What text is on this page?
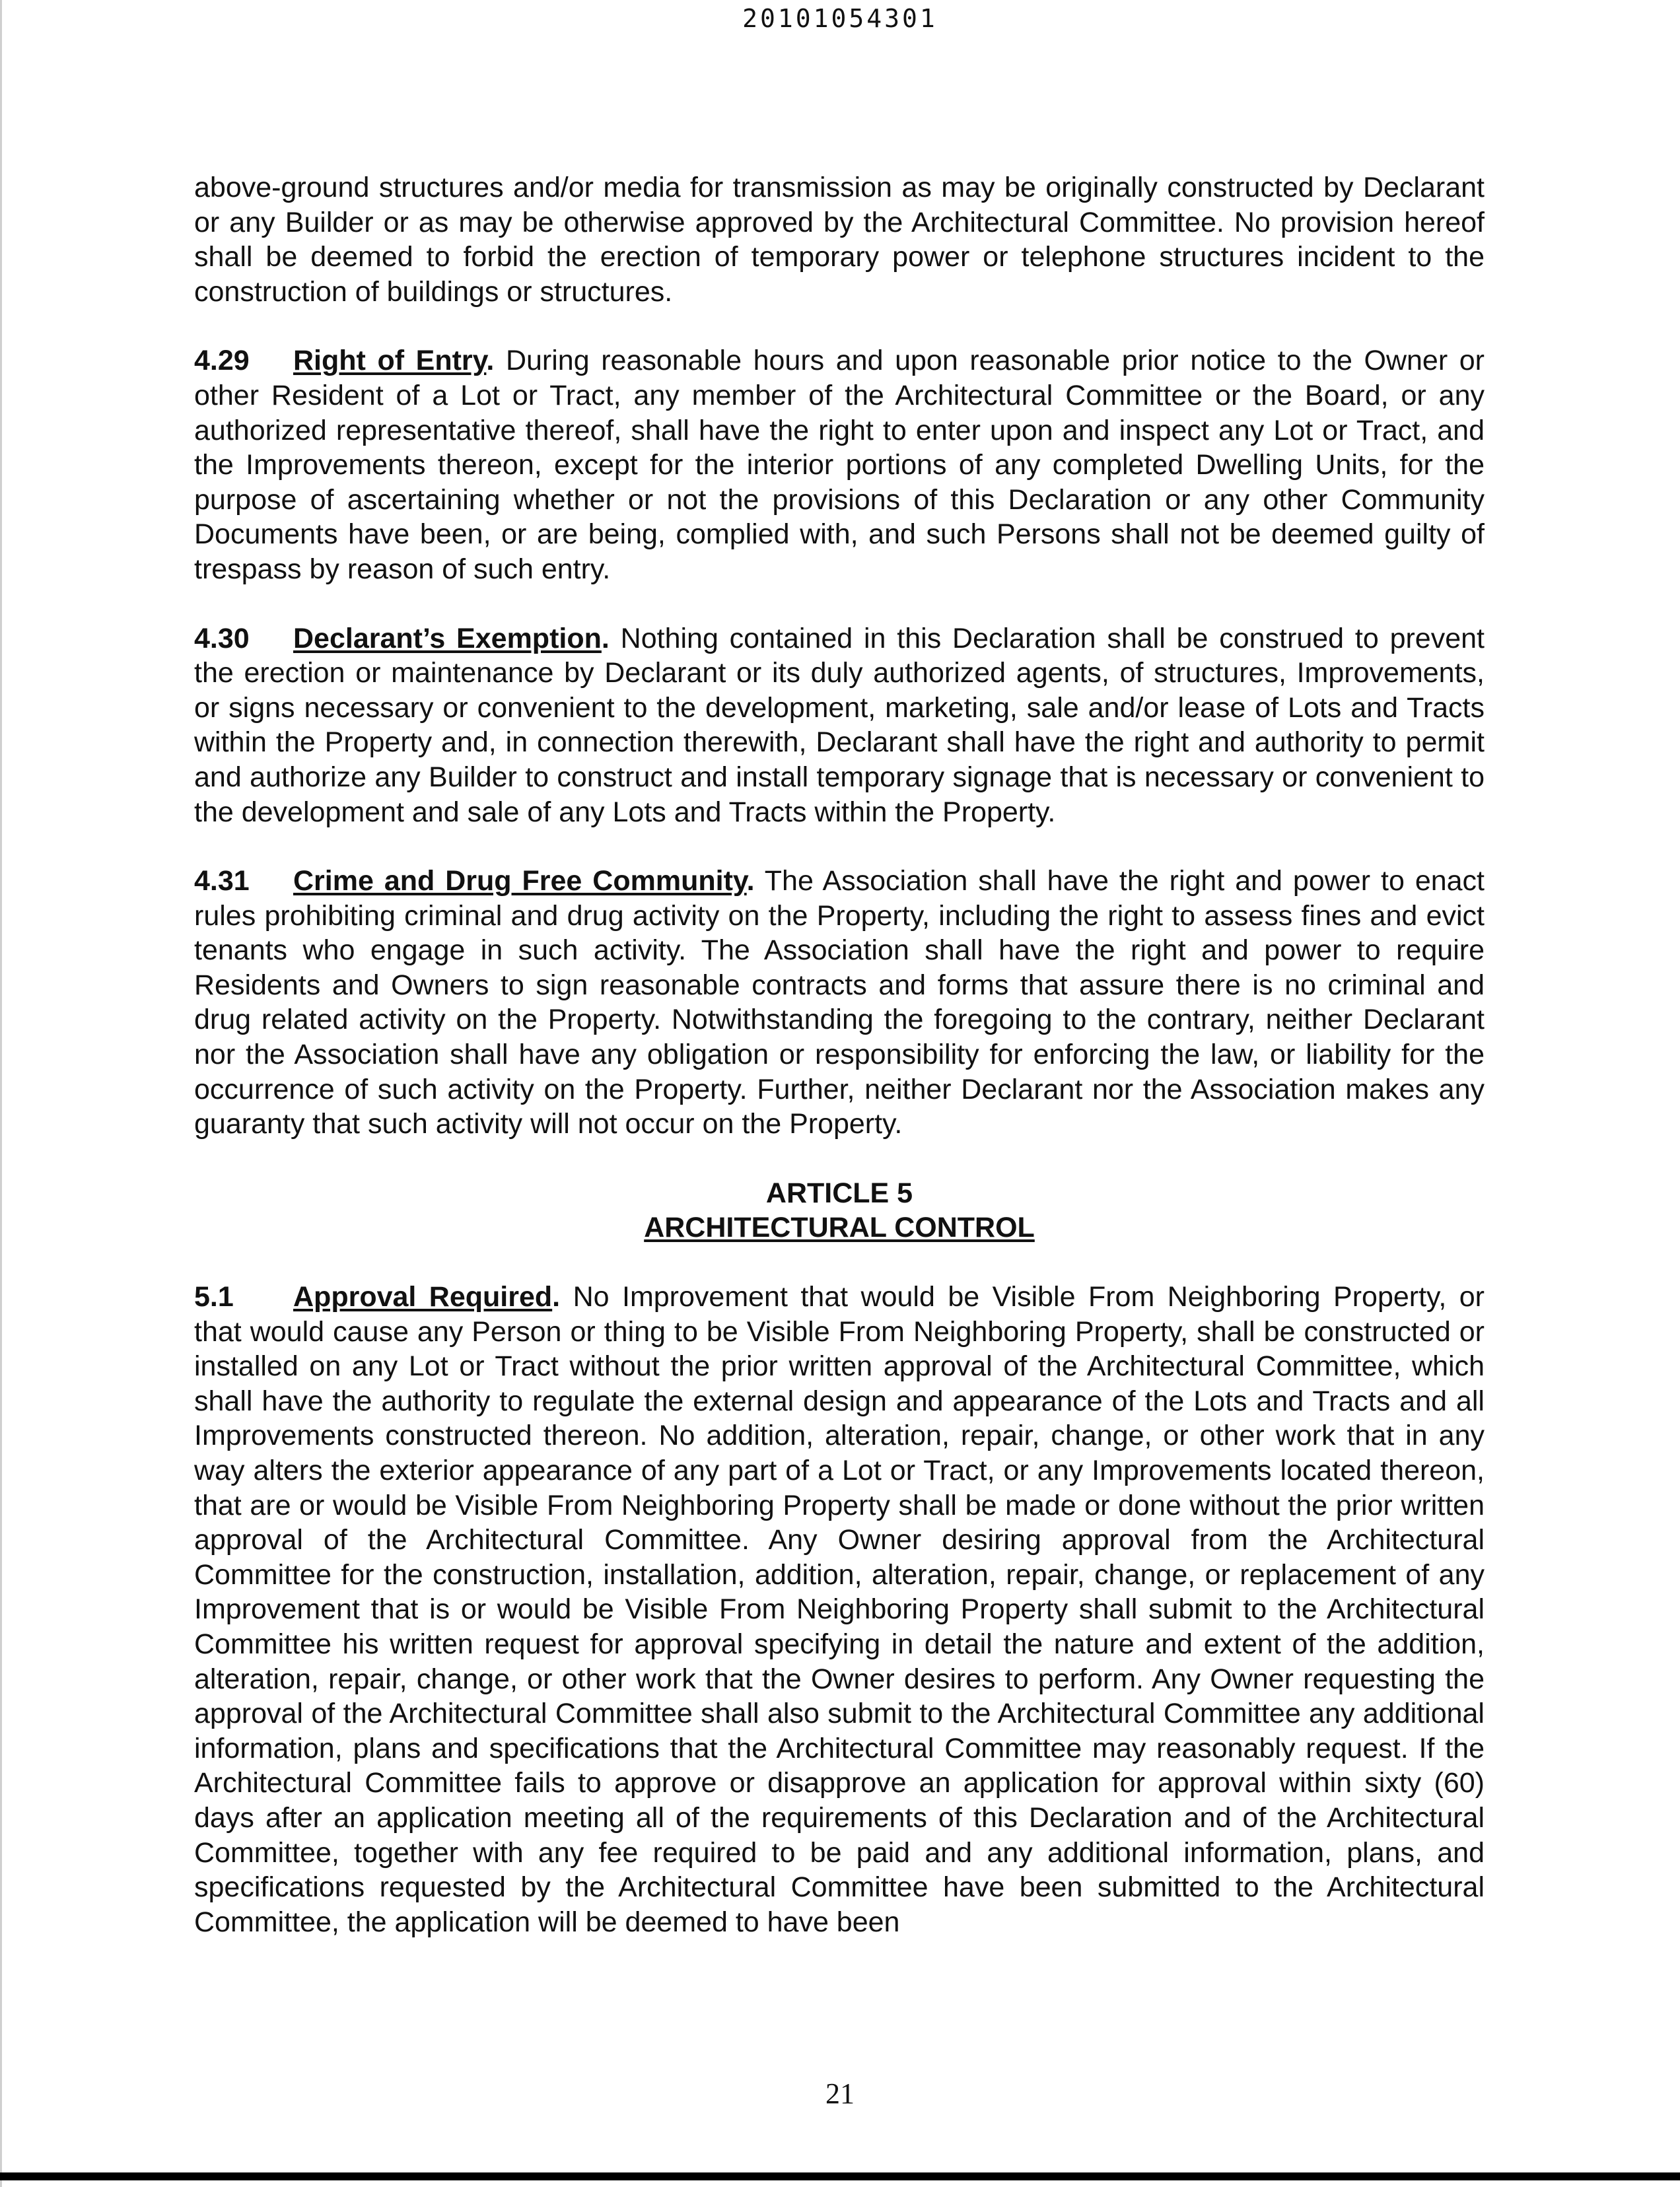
20101054301

above-ground structures and/or media for transmission as may be originally constructed by Declarant or any Builder or as may be otherwise approved by the Architectural Committee. No provision hereof shall be deemed to forbid the erection of temporary power or telephone structures incident to the construction of buildings or structures.

4.29 Right of Entry. During reasonable hours and upon reasonable prior notice to the Owner or other Resident of a Lot or Tract, any member of the Architectural Committee or the Board, or any authorized representative thereof, shall have the right to enter upon and inspect any Lot or Tract, and the Improvements thereon, except for the interior portions of any completed Dwelling Units, for the purpose of ascertaining whether or not the provisions of this Declaration or any other Community Documents have been, or are being, complied with, and such Persons shall not be deemed guilty of trespass by reason of such entry.

4.30 Declarant’s Exemption. Nothing contained in this Declaration shall be construed to prevent the erection or maintenance by Declarant or its duly authorized agents, of structures, Improvements, or signs necessary or convenient to the development, marketing, sale and/or lease of Lots and Tracts within the Property and, in connection therewith, Declarant shall have the right and authority to permit and authorize any Builder to construct and install temporary signage that is necessary or convenient to the development and sale of any Lots and Tracts within the Property.

4.31 Crime and Drug Free Community. The Association shall have the right and power to enact rules prohibiting criminal and drug activity on the Property, including the right to assess fines and evict tenants who engage in such activity. The Association shall have the right and power to require Residents and Owners to sign reasonable contracts and forms that assure there is no criminal and drug related activity on the Property. Notwithstanding the foregoing to the contrary, neither Declarant nor the Association shall have any obligation or responsibility for enforcing the law, or liability for the occurrence of such activity on the Property. Further, neither Declarant nor the Association makes any guaranty that such activity will not occur on the Property.

ARTICLE 5
ARCHITECTURAL CONTROL

5.1 Approval Required. No Improvement that would be Visible From Neighboring Property, or that would cause any Person or thing to be Visible From Neighboring Property, shall be constructed or installed on any Lot or Tract without the prior written approval of the Architectural Committee, which shall have the authority to regulate the external design and appearance of the Lots and Tracts and all Improvements constructed thereon. No addition, alteration, repair, change, or other work that in any way alters the exterior appearance of any part of a Lot or Tract, or any Improvements located thereon, that are or would be Visible From Neighboring Property shall be made or done without the prior written approval of the Architectural Committee. Any Owner desiring approval from the Architectural Committee for the construction, installation, addition, alteration, repair, change, or replacement of any Improvement that is or would be Visible From Neighboring Property shall submit to the Architectural Committee his written request for approval specifying in detail the nature and extent of the addition, alteration, repair, change, or other work that the Owner desires to perform. Any Owner requesting the approval of the Architectural Committee shall also submit to the Architectural Committee any additional information, plans and specifications that the Architectural Committee may reasonably request. If the Architectural Committee fails to approve or disapprove an application for approval within sixty (60) days after an application meeting all of the requirements of this Declaration and of the Architectural Committee, together with any fee required to be paid and any additional information, plans, and specifications requested by the Architectural Committee have been submitted to the Architectural Committee, the application will be deemed to have been

21
